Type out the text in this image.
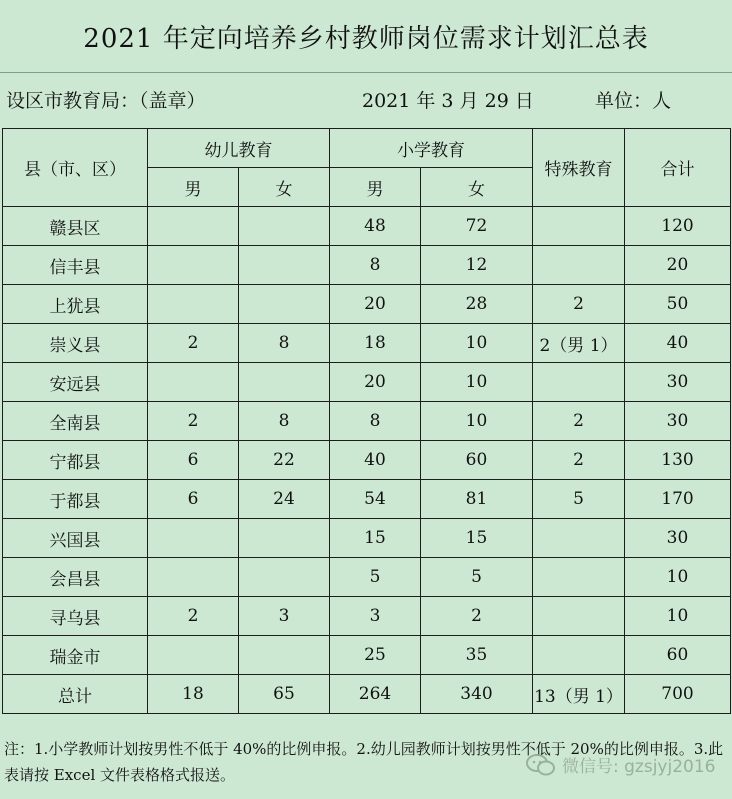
2021 年定向培养乡村教师岗位需求计划汇总表
设区市教育局：（盖章）	2021 年 3 月 29 日	单位：人
县（市、区）	幼儿教育		小学教育		特殊教育	合计
	男	女	男	女		
赣县区			48	72		120
信丰县			8	12		20
上犹县			20	28	2	50
崇义县	2	8	18	10	2（男 1）	40
安远县			20	10		30
全南县	2	8	8	10	2	30
宁都县	6	22	40	60	2	130
于都县	6	24	54	81	5	170
兴国县			15	15		30
会昌县			5	5		10
寻乌县	2	3	3	2		10
瑞金市			25	35		60
总计	18	65	264	340	13（男 1）	700
注：1.小学教师计划按男性不低于 40%的比例申报。2.幼儿园教师计划按男性不低于 20%的比例申报。3.此表请按 Excel 文件表格格式报送。	微信号: gzsjyj2016
